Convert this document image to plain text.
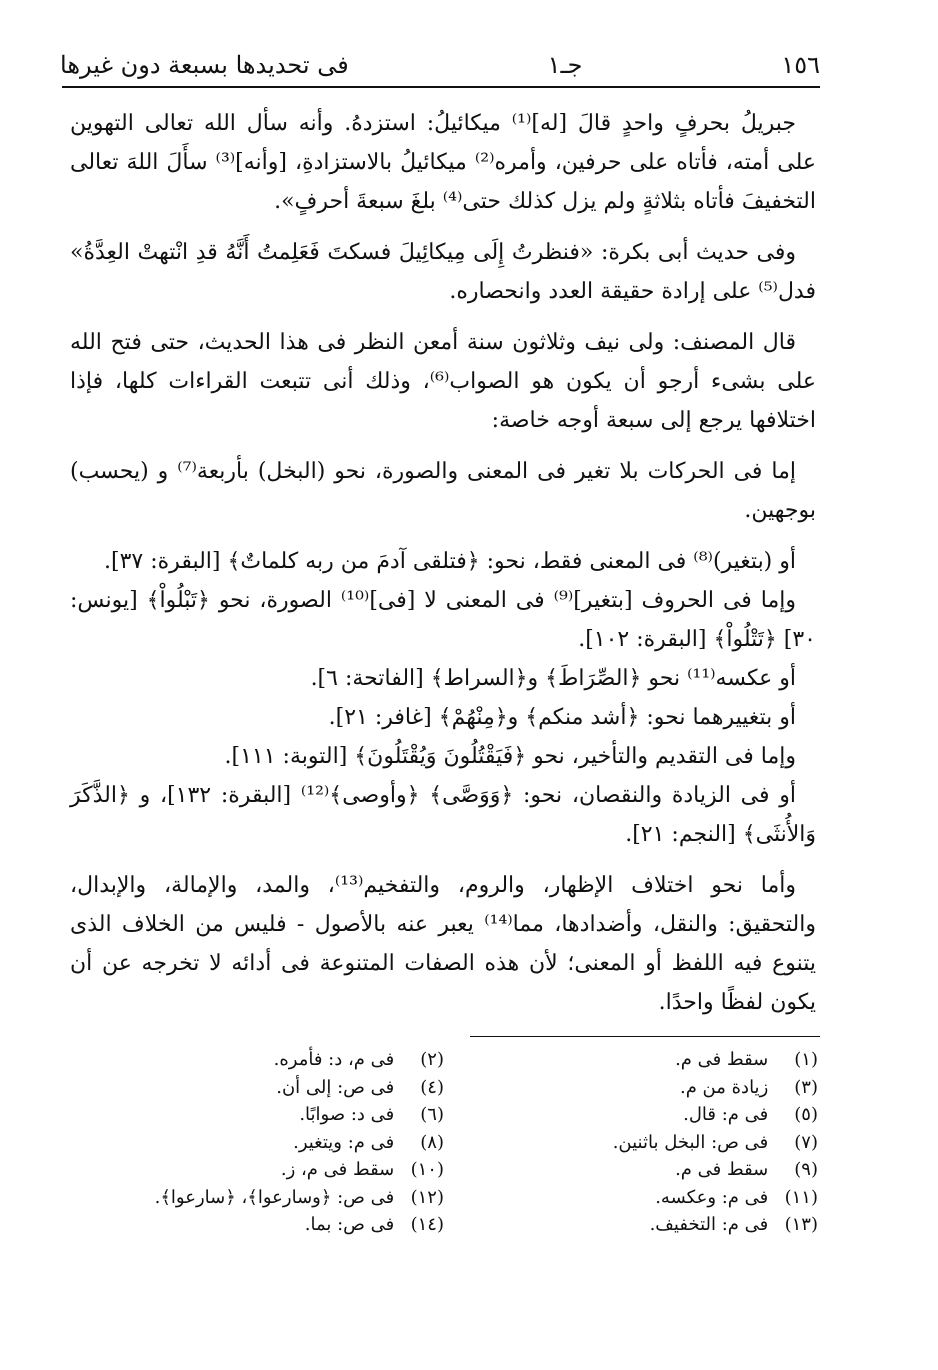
١٥٦
جـ١
فى تحديدها بسبعة دون غيرها

جبريلُ بحرفٍ واحدٍ قالَ [له]⁽¹⁾ ميكائيلُ: استزدهُ. وأنه سأل الله تعالى التهوين على أمته، فأتاه على حرفين، وأمره⁽²⁾ ميكائيلُ بالاستزادةِ، [وأنه]⁽³⁾ سأَلَ اللهَ تعالى التخفيفَ فأتاه بثلاثةٍ ولم يزل كذلك حتى⁽⁴⁾ بلغَ سبعةَ أحرفٍ».

وفى حديث أبى بكرة: «فنظرتُ إِلَى مِيكائِيلَ فسكتَ فَعَلِمتُ أَنَّهُ قدِ انْتهتْ العِدَّةُ» فدل⁽⁵⁾ على إرادة حقيقة العدد وانحصاره.

قال المصنف: ولى نيف وثلاثون سنة أمعن النظر فى هذا الحديث، حتى فتح الله على بشىء أرجو أن يكون هو الصواب⁽⁶⁾، وذلك أنى تتبعت القراءات كلها، فإذا اختلافها يرجع إلى سبعة أوجه خاصة:

إما فى الحركات بلا تغير فى المعنى والصورة، نحو (البخل) بأربعة⁽⁷⁾ و (يحسب) بوجهين.

أو (بتغير)⁽⁸⁾ فى المعنى فقط، نحو: ﴿فتلقى آدمَ من ربه كلماتٌ﴾ [البقرة: ٣٧].

وإما فى الحروف [بتغير]⁽⁹⁾ فى المعنى لا [فى]⁽¹⁰⁾ الصورة، نحو ﴿تَبْلُواْ﴾ [يونس: ٣٠] ﴿تَتْلُواْ﴾ [البقرة: ١٠٢].

أو عكسه⁽¹¹⁾ نحو ﴿الصِّرَاطَ﴾ و﴿السراط﴾ [الفاتحة: ٦].

أو بتغييرهما نحو: ﴿أشد منكم﴾ و﴿مِنْهُمْ﴾ [غافر: ٢١].

وإما فى التقديم والتأخير، نحو ﴿فَيَقْتُلُونَ وَيُقْتَلُونَ﴾ [التوبة: ١١١].

أو فى الزيادة والنقصان، نحو: ﴿وَوَصَّى﴾ ﴿وأوصى﴾⁽¹²⁾ [البقرة: ١٣٢]، و ﴿الذَّكَرَ وَالأُنثَى﴾ [النجم: ٢١].

وأما نحو اختلاف الإظهار، والروم، والتفخيم⁽¹³⁾، والمد، والإمالة، والإبدال، والتحقيق: والنقل، وأضدادها، مما⁽¹⁴⁾ يعبر عنه بالأصول - فليس من الخلاف الذى يتنوع فيه اللفظ أو المعنى؛ لأن هذه الصفات المتنوعة فى أدائه لا تخرجه عن أن يكون لفظًا واحدًا.

(١) سقط فى م.
(٢) فى م، د: فأمره.
(٣) زيادة من م.
(٤) فى ص: إلى أن.
(٥) فى م: قال.
(٦) فى د: صوابًا.
(٧) فى ص: البخل باثنين.
(٨) فى م: ويتغير.
(٩) سقط فى م.
(١٠) سقط فى م، ز.
(١١) فى م: وعكسه.
(١٢) فى ص: ﴿وسارعوا﴾، ﴿سارعوا﴾.
(١٣) فى م: التخفيف.
(١٤) فى ص: بما.
